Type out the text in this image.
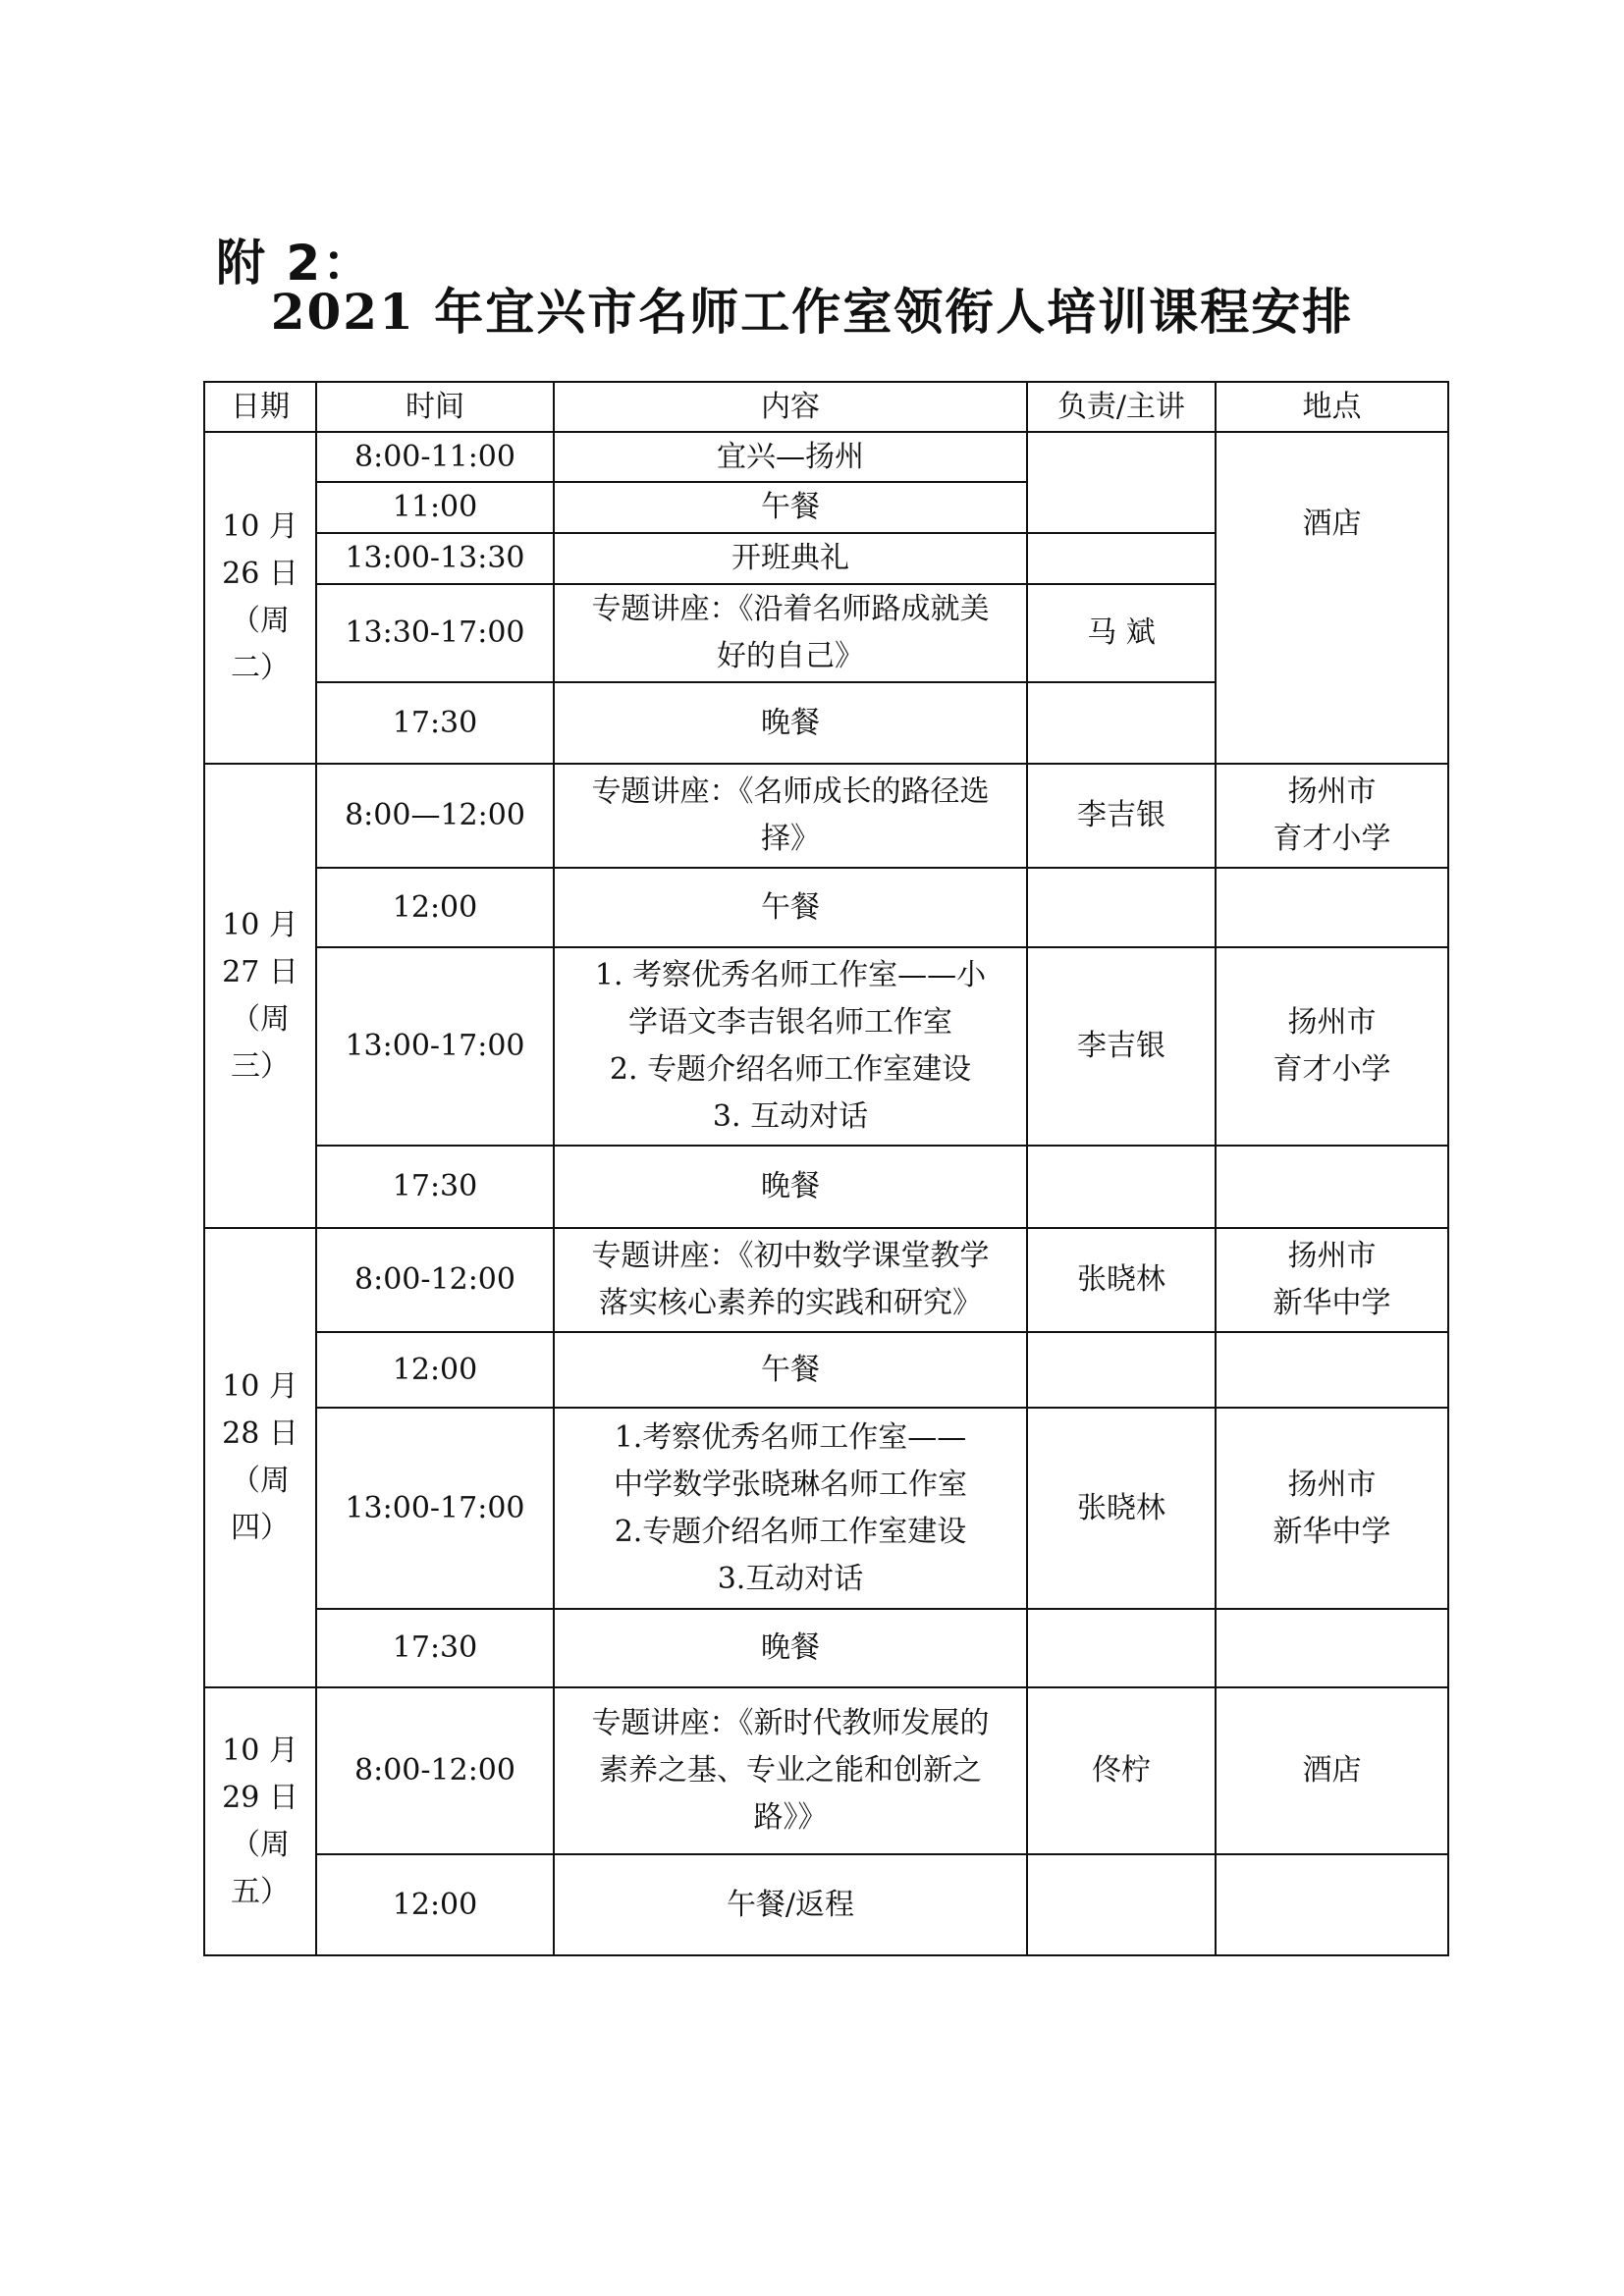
附 2：
2021 年宜兴市名师工作室领衔人培训课程安排
日期	时间	内容	负责/主讲	地点

10 月
26 日
（周
二）	8:00-11:00	宜兴—扬州		酒店

	11:00	午餐		

	13:00-13:30	开班典礼		

	13:30-17:00	专题讲座：《沿着名师路成就美
好的自己》	马 斌	
	17:30	晚餐		

10 月
27 日
（周
三）	8:00—12:00	专题讲座：《名师成长的路径选
择》	李吉银	扬州市
育才小学

	12:00	午餐		

	13:00-17:00	1. 考察优秀名师工作室——小
学语文李吉银名师工作室
2. 专题介绍名师工作室建设
3. 互动对话	李吉银	扬州市
育才小学

	17:30	晚餐		

10 月
28 日
（周
四）	8:00-12:00	专题讲座：《初中数学课堂教学
落实核心素养的实践和研究》	张晓林	扬州市
新华中学

	12:00	午餐		

	13:00-17:00	1.考察优秀名师工作室——
中学数学张晓琳名师工作室
2.专题介绍名师工作室建设
3.互动对话	张晓林	扬州市
新华中学

	17:30	晚餐		

10 月
29 日
（周
五）	8:00-12:00	专题讲座：《新时代教师发展的
素养之基、专业之能和创新之
路》》	佟柠	酒店

	12:00	午餐/返程		
